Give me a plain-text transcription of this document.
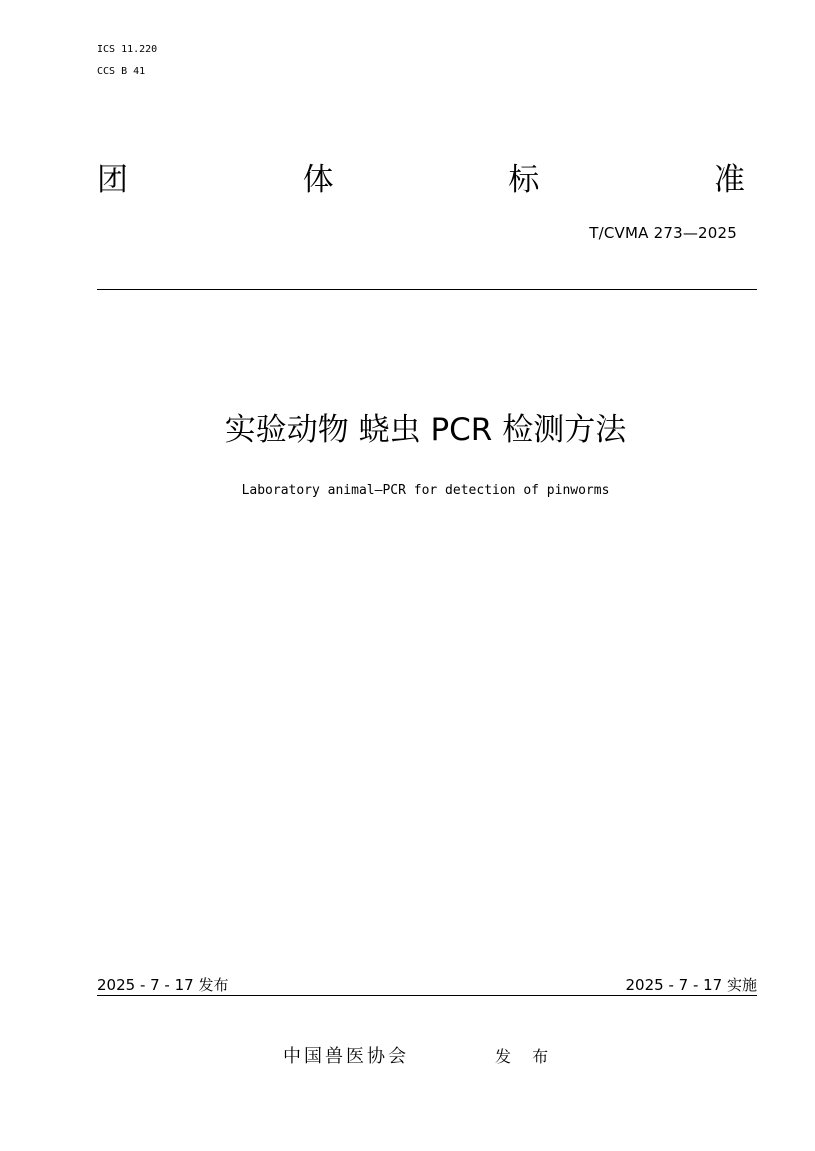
ICS 11.220
CCS B 41
团	体	标	准
T/CVMA 273—2025
实验动物 蛲虫 PCR 检测方法
Laboratory animal—PCR for detection of pinworms
2025 - 7 - 17 发布	2025 - 7 - 17 实施
中国兽医协会	发 布
